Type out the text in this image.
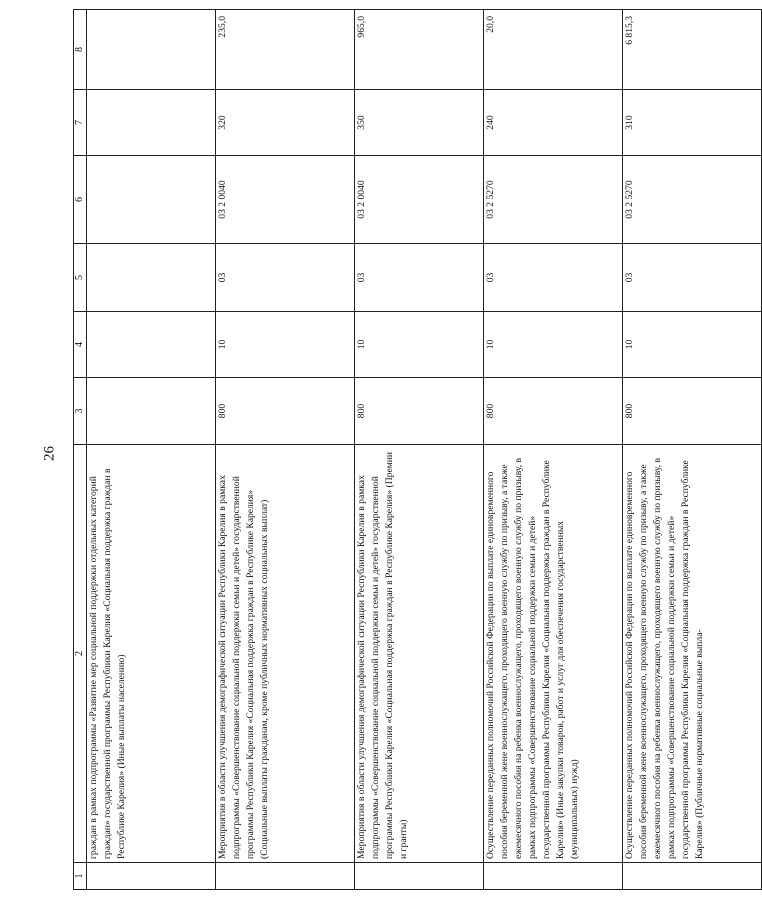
26
1	2	3	4	5	6	7	8
	граждан в рамках подпрограммы «Развитие мер социальной поддержки отдельных категорий граждан» государственной программы Республики Карелия «Социальная поддержка граждан в Республике Карелия» (Иные выплаты населению)						
	Мероприятия в области улучшения демографической ситуации Республики Карелия в рамках подпрограммы «Совершенствование социальной поддержки семьи и детей» государственной программы Республики Карелия «Социальная поддержка граждан в Республике Карелия» (Социальные выплаты гражданам, кроме публичных нормативных социальных выплат)	800	10	03	03 2 0040	320	235,0
	Мероприятия в области улучшения демографической ситуации Республики Карелия в рамках подпрограммы «Совершенствование социальной поддержки семьи и детей» государственной программы Республики Карелия «Социальная поддержка граждан в Республике Карелия» (Премии и гранты)	800	10	03	03 2 0040	350	965,0
	Осуществление переданных полномочий Российской Федерации по выплате единовременного пособия беременной жене военнослужащего, проходящего военную службу по призыву, а также ежемесячного пособия на ребенка военнослужащего, проходящего военную службу по призыву, в рамках подпрограммы «Совершенствование социальной поддержки семьи и детей» государственной программы Республики Карелия «Социальная поддержка граждан в Республике Карелия» (Иные закупки товаров, работ и услуг для обеспечения государственных (муниципальных) нужд)	800	10	03	03 2 5270	240	20,0
	Осуществление переданных полномочий Российской Федерации по выплате единовременного пособия беременной жене военнослужащего, проходящего военную службу по призыву, а также ежемесячного пособия на ребенка военнослужащего, проходящего военную службу по призыву, в рамках подпрограммы «Совершенствование социальной поддержки семьи и детей» государственной программы Республики Карелия «Социальная поддержка граждан в Республике Карелия» (Публичные нормативные социальные выпла-	800	10	03	03 2 5270	310	6 815,3
